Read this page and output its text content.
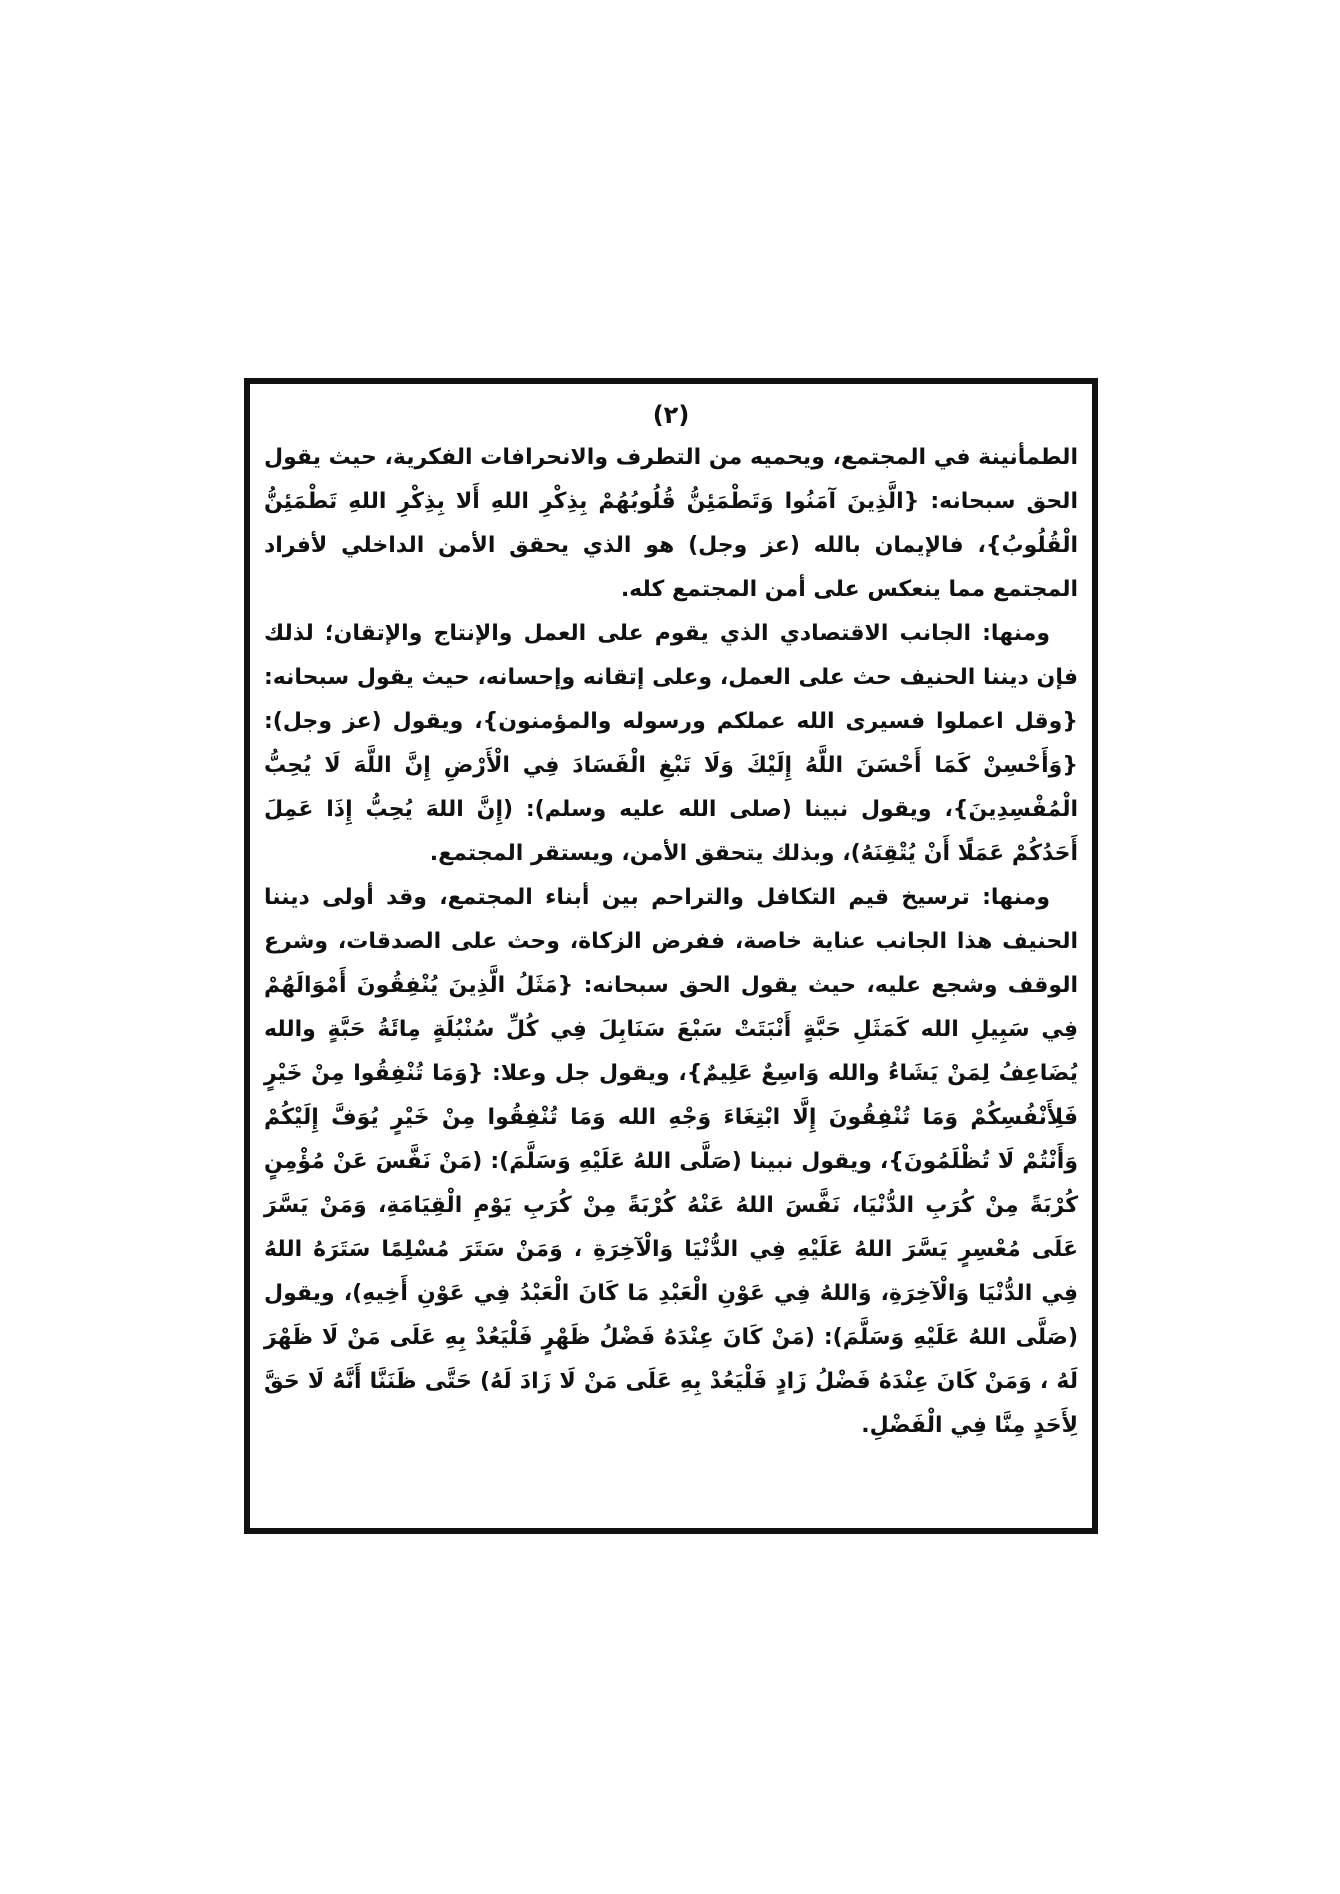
(٢)

الطمأنينة في المجتمع، ويحميه من التطرف والانحرافات الفكرية، حيث يقول الحق سبحانه: {الَّذِينَ آمَنُوا وَتَطْمَئِنُّ قُلُوبُهُمْ بِذِكْرِ اللهِ أَلا بِذِكْرِ اللهِ تَطْمَئِنُّ الْقُلُوبُ}، فالإيمان بالله (عز وجل) هو الذي يحقق الأمن الداخلي لأفراد المجتمع مما ينعكس على أمن المجتمع كله.

ومنها: الجانب الاقتصادي الذي يقوم على العمل والإنتاج والإتقان؛ لذلك فإن ديننا الحنيف حث على العمل، وعلى إتقانه وإحسانه، حيث يقول سبحانه: {وقل اعملوا فسيرى الله عملكم ورسوله والمؤمنون}، ويقول (عز وجل): {وَأَحْسِنْ كَمَا أَحْسَنَ اللَّهُ إِلَيْكَ وَلَا تَبْغِ الْفَسَادَ فِي الْأَرْضِ إِنَّ اللَّهَ لَا يُحِبُّ الْمُفْسِدِينَ}، ويقول نبينا (صلى الله عليه وسلم): (إِنَّ اللهَ يُحِبُّ إِذَا عَمِلَ أَحَدُكُمْ عَمَلًا أَنْ يُتْقِنَهُ)، وبذلك يتحقق الأمن، ويستقر المجتمع.

ومنها: ترسيخ قيم التكافل والتراحم بين أبناء المجتمع، وقد أولى ديننا الحنيف هذا الجانب عناية خاصة، ففرض الزكاة، وحث على الصدقات، وشرع الوقف وشجع عليه، حيث يقول الحق سبحانه: {مَثَلُ الَّذِينَ يُنْفِقُونَ أَمْوَالَهُمْ فِي سَبِيلِ الله كَمَثَلِ حَبَّةٍ أَنْبَتَتْ سَبْعَ سَنَابِلَ فِي كُلِّ سُنْبُلَةٍ مِائَةُ حَبَّةٍ والله يُضَاعِفُ لِمَنْ يَشَاءُ والله وَاسِعٌ عَلِيمٌ}، ويقول جل وعلا: {وَمَا تُنْفِقُوا مِنْ خَيْرٍ فَلِأَنْفُسِكُمْ وَمَا تُنْفِقُونَ إِلَّا ابْتِغَاءَ وَجْهِ الله وَمَا تُنْفِقُوا مِنْ خَيْرٍ يُوَفَّ إِلَيْكُمْ وَأَنْتُمْ لَا تُظْلَمُونَ}، ويقول نبينا (صَلَّى اللهُ عَلَيْهِ وَسَلَّمَ): (مَنْ نَفَّسَ عَنْ مُؤْمِنٍ كُرْبَةً مِنْ كُرَبِ الدُّنْيَا، نَفَّسَ اللهُ عَنْهُ كُرْبَةً مِنْ كُرَبِ يَوْمِ الْقِيَامَةِ، وَمَنْ يَسَّرَ عَلَى مُعْسِرٍ يَسَّرَ اللهُ عَلَيْهِ فِي الدُّنْيَا وَالْآخِرَةِ ، وَمَنْ سَتَرَ مُسْلِمًا سَتَرَهُ اللهُ فِي الدُّنْيَا وَالْآخِرَةِ، وَاللهُ فِي عَوْنِ الْعَبْدِ مَا كَانَ الْعَبْدُ فِي عَوْنِ أَخِيهِ)، ويقول (صَلَّى اللهُ عَلَيْهِ وَسَلَّمَ): (مَنْ كَانَ عِنْدَهُ فَضْلُ ظَهْرٍ فَلْيَعُدْ بِهِ عَلَى مَنْ لَا ظَهْرَ لَهُ ، وَمَنْ كَانَ عِنْدَهُ فَضْلُ زَادٍ فَلْيَعُدْ بِهِ عَلَى مَنْ لَا زَادَ لَهُ) حَتَّى ظَنَنَّا أَنَّهُ لَا حَقَّ لِأَحَدٍ مِنَّا فِي الْفَضْلِ.
